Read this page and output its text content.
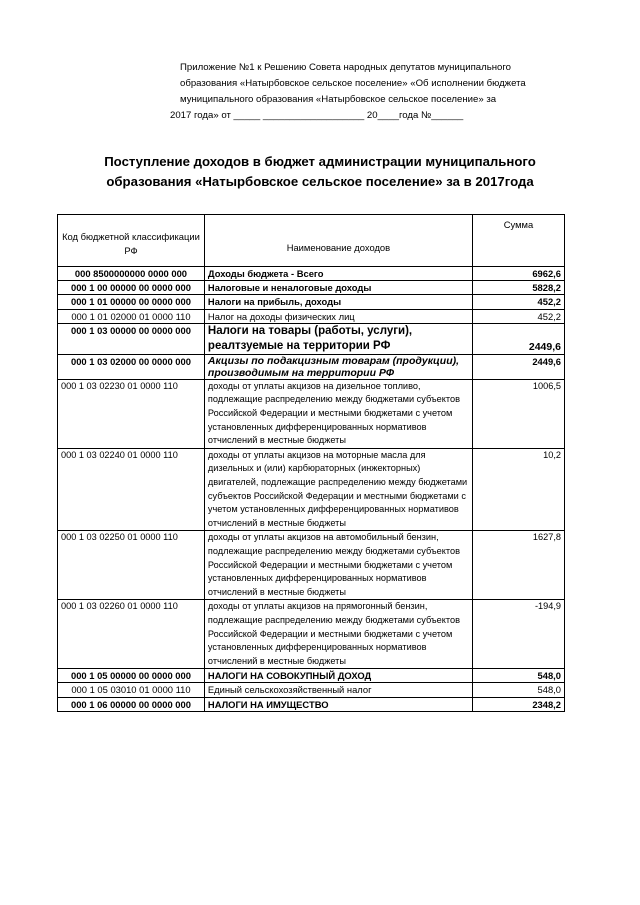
Приложение №1 к Решению Совета народных депутатов муниципального
образования «Натырбовское сельское поселение» «Об исполнении бюджета
муниципального образования «Натырбовское сельское поселение» за
2017 года» от _____ ___________________ 20____года №______
Поступление доходов в бюджет администрации муниципального
образования «Натырбовское сельское поселение» за в 2017года
Код бюджетной классификации РФ	Наименование доходов	Сумма
000 8500000000 0000 000	Доходы бюджета - Всего	6962,6
000 1 00 00000 00 0000 000	Налоговые и неналоговые доходы	5828,2
000 1 01 00000 00 0000 000	Налоги на прибыль, доходы	452,2
000 1 01 02000 01 0000 110	Налог на доходы физических лиц	452,2
000 1 03 00000 00 0000 000	Налоги на товары (работы, услуги), реалтзуемые на территории РФ	2449,6
000 1 03 02000 00 0000 000	Акцизы по подакцизным товарам (продукции), производимым на территории РФ	2449,6
000 1 03 02230 01 0000 110	доходы от уплаты акцизов на дизельное топливо, подлежащие распределению между бюджетами субъектов Российской Федерации и местными бюджетами с учетом установленных дифференцированных нормативов отчислений в местные бюджеты	1006,5
000 1 03 02240 01 0000 110	доходы от уплаты акцизов на моторные масла для дизельных и (или) карбюраторных (инжекторных) двигателей, подлежащие распределению между бюджетами субъектов Российской Федерации и местными бюджетами с учетом установленных дифференцированных нормативов отчислений в местные бюджеты	10,2
000 1 03 02250 01 0000 110	доходы от уплаты акцизов на автомобильный бензин, подлежащие распределению между бюджетами субъектов Российской Федерации и местными бюджетами с учетом установленных дифференцированных нормативов отчислений в местные бюджеты	1627,8
000 1 03 02260 01 0000 110	доходы от уплаты акцизов на прямогонный бензин, подлежащие распределению между бюджетами субъектов Российской Федерации и местными бюджетами с учетом установленных дифференцированных нормативов отчислений в местные бюджеты	-194,9
000 1 05 00000 00 0000 000	НАЛОГИ НА СОВОКУПНЫЙ ДОХОД	548,0
000 1 05 03010 01 0000 110	Единый сельскохозяйственный налог	548,0
000 1 06 00000 00 0000 000	НАЛОГИ НА ИМУЩЕСТВО	2348,2
